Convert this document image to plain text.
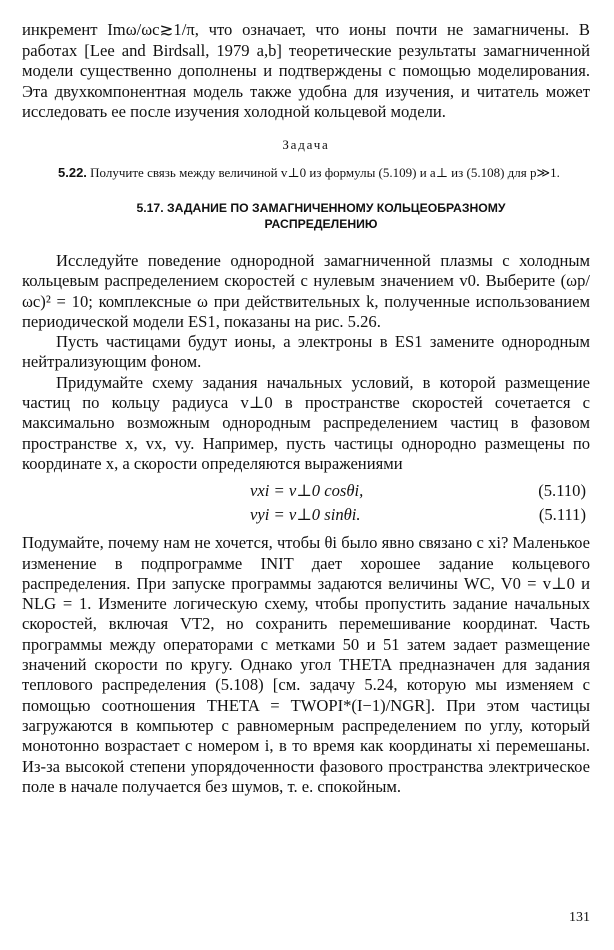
инкремент Imω/ωc≳1/π, что означает, что ионы почти не замагничены. В работах [Lee and Birdsall, 1979 a,b] теоретические результаты замагниченной модели существенно дополнены и подтверждены с помощью моделирования. Эта двухкомпонентная модель также удобна для изучения, и читатель может исследовать ее после изучения холодной кольцевой модели.

Задача

5.22. Получите связь между величиной v⊥0 из формулы (5.109) и a⊥ из (5.108) для p≫1.

5.17. ЗАДАНИЕ ПО ЗАМАГНИЧЕННОМУ КОЛЬЦЕОБРАЗНОМУ
РАСПРЕДЕЛЕНИЮ

Исследуйте поведение однородной замагниченной плазмы с холодным кольцевым распределением скоростей с нулевым значением v0. Выберите (ωp/ωc)² = 10; комплексные ω при действительных k, полученные использованием периодической модели ES1, показаны на рис. 5.26.

Пусть частицами будут ионы, а электроны в ES1 замените однородным нейтрализующим фоном.

Придумайте схему задания начальных условий, в которой размещение частиц по кольцу радиуса v⊥0 в пространстве скоростей сочетается с максимально возможным однородным распределением частиц в фазовом пространстве x, vx, vy. Например, пусть частицы однородно размещены по координате x, а скорости определяются выражениями

vxi = v⊥0 cosθi,	(5.110)
vyi = v⊥0 sinθi.	(5.111)

Подумайте, почему нам не хочется, чтобы θi было явно связано с xi? Маленькое изменение в подпрограмме INIT дает хорошее задание кольцевого распределения. При запуске программы задаются величины WC, V0 = v⊥0 и NLG = 1. Измените логическую схему, чтобы пропустить задание начальных скоростей, включая VT2, но сохранить перемешивание координат. Часть программы между операторами с метками 50 и 51 затем задает размещение значений скорости по кругу. Однако угол THETA предназначен для задания теплового распределения (5.108) [см. задачу 5.24, которую мы изменяем с помощью соотношения THETA = TWOPI*(I−1)/NGR]. При этом частицы загружаются в компьютер с равномерным распределением по углу, который монотонно возрастает с номером i, в то время как координаты xi перемешаны. Из-за высокой степени упорядоченности фазового пространства электрическое поле в начале получается без шумов, т. е. спокойным.

131
